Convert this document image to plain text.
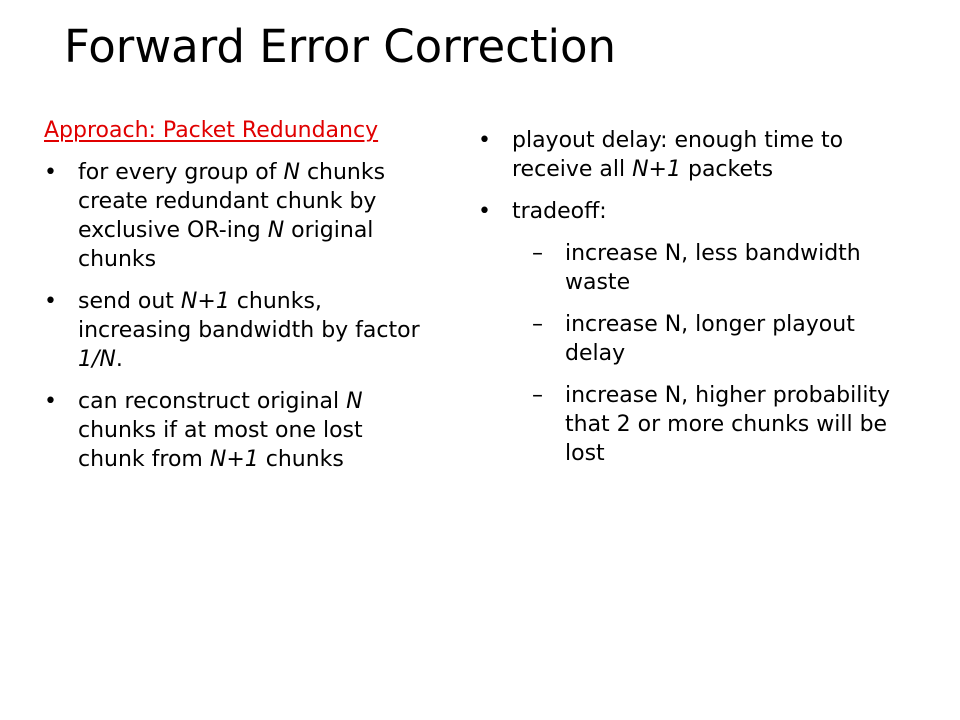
Forward Error Correction
Approach: Packet Redundancy
• for every group of N chunks create redundant chunk by exclusive OR-ing N original chunks
• send out N+1 chunks, increasing bandwidth by factor 1/N.
• can reconstruct original N chunks if at most one lost chunk from N+1 chunks
• playout delay: enough time to receive all N+1 packets
• tradeoff:
– increase N, less bandwidth waste
– increase N, longer playout delay
– increase N, higher probability that 2 or more chunks will be lost
